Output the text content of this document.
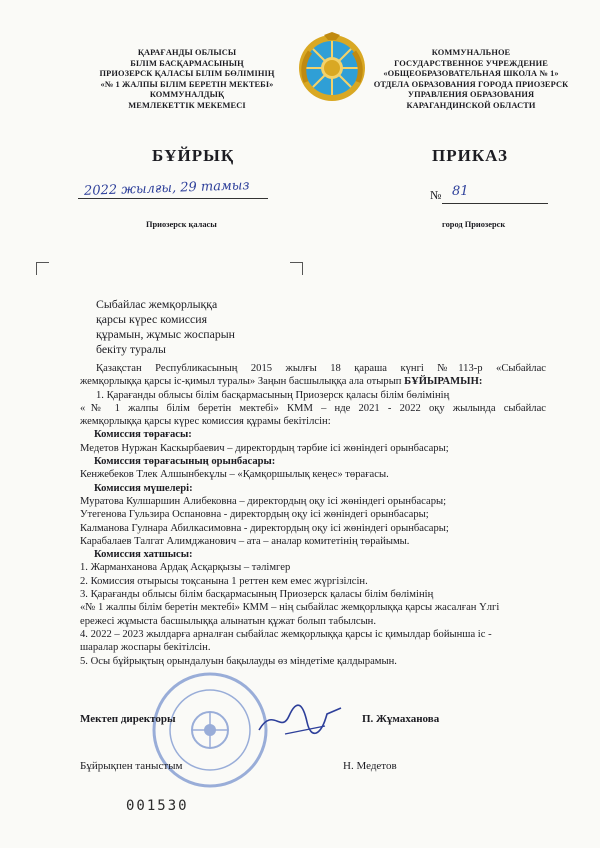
ҚАРАҒАНДЫ ОБЛЫСЫ
БІЛІМ БАСҚАРМАСЫНЫҢ
ПРИОЗЕРСК ҚАЛАСЫ БІЛІМ БӨЛІМІНІҢ
«№ 1 ЖАЛПЫ БІЛІМ БЕРЕТІН МЕКТЕБІ»
КОММУНАЛДЫҚ
МЕМЛЕКЕТТІК МЕКЕМЕСІ
КОММУНАЛЬНОЕ
ГОСУДАРСТВЕННОЕ УЧРЕЖДЕНИЕ
«ОБЩЕОБРАЗОВАТЕЛЬНАЯ ШКОЛА № 1»
ОТДЕЛА ОБРАЗОВАНИЯ ГОРОДА ПРИОЗЕРСК
УПРАВЛЕНИЯ ОБРАЗОВАНИЯ
КАРАГАНДИНСКОЙ ОБЛАСТИ
БҰЙРЫҚ	ПРИКАЗ
2022 жылғы, 29 тамыз	№ 81
Приозерск қаласы	город Приозерск
Сыбайлас жемқорлыққа
қарсы күрес комиссия
құрамын, жұмыс жоспарын
бекіту туралы

Қазақстан Республикасының 2015 жылғы 18 қараша күнгі №113-р «Сыбайлас

жемқорлыққа қарсы іс-қимыл туралы» Заңын басшылыққа ала отырып БҰЙЫРАМЫН:

1. Қарағанды облысы білім басқармасының Приозерск қаласы білім бөлімінің

«№ 1 жалпы білім беретін мектебі» КММ – нде 2021 - 2022 оқу жылында сыбайлас

жемқорлыққа қарсы күрес комиссия құрамы бекітілсін:

Комиссия төрағасы:

Медетов Нуржан Каскырбаевич – директордың тәрбие ісі жөніндегі орынбасары;

Комиссия төрағасының орынбасары:

Кенжебеков Тлек Алшынбекұлы – «Қамқоршылық кеңес» төрағасы.

Комиссия мүшелері:

Муратова Кулшаршин Алибековна – директордың оқу ісі жөніндегі орынбасары;

Утегенова Гульзира Оспановна - директордың оқу ісі жөніндегі орынбасары;

Калманова Гулнара Абилкасимовна - директордың оқу ісі жөніндегі орынбасары;

Карабалаев Талгат Алимджанович – ата – аналар комитетінің төрайымы.

Комиссия хатшысы:

1. Жарманханова Ардақ Асқарқызы – тәлімгер

2. Комиссия отырысы тоқсанына 1 реттен кем емес жүргізілсін.

3. Қарағанды облысы білім басқармасының Приозерск қаласы білім бөлімінің

«№ 1 жалпы білім беретін мектебі» КММ – нің сыбайлас жемқорлыққа қарсы жасалған Үлгі

ережесі жұмыста басшылыққа алынатын құжат болып табылсын.

4. 2022 – 2023 жылдарға арналған сыбайлас жемқорлыққа қарсы іс қимылдар бойынша іс -

шаралар жоспары бекітілсін.

5. Осы бұйрықтың орындалуын бақылауды өз міндетіме қалдырамын.

Мектеп директоры	П. Жұмаханова
Бұйрықпен таныстым	Н. Медетов
001530
